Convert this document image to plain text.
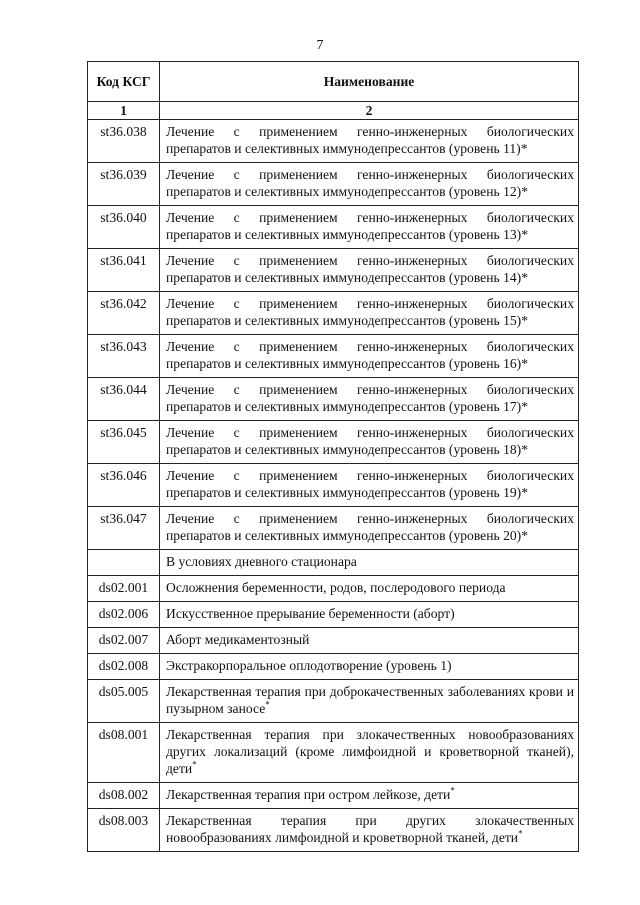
7
Код КСГ	Наименование
1	2
st36.038	Лечение с применением генно-инженерных биологических препаратов и селективных иммунодепрессантов (уровень 11)*
st36.039	Лечение с применением генно-инженерных биологических препаратов и селективных иммунодепрессантов (уровень 12)*
st36.040	Лечение с применением генно-инженерных биологических препаратов и селективных иммунодепрессантов (уровень 13)*
st36.041	Лечение с применением генно-инженерных биологических препаратов и селективных иммунодепрессантов (уровень 14)*
st36.042	Лечение с применением генно-инженерных биологических препаратов и селективных иммунодепрессантов (уровень 15)*
st36.043	Лечение с применением генно-инженерных биологических препаратов и селективных иммунодепрессантов (уровень 16)*
st36.044	Лечение с применением генно-инженерных биологических препаратов и селективных иммунодепрессантов (уровень 17)*
st36.045	Лечение с применением генно-инженерных биологических препаратов и селективных иммунодепрессантов (уровень 18)*
st36.046	Лечение с применением генно-инженерных биологических препаратов и селективных иммунодепрессантов (уровень 19)*
st36.047	Лечение с применением генно-инженерных биологических препаратов и селективных иммунодепрессантов (уровень 20)*
	В условиях дневного стационара
ds02.001	Осложнения беременности, родов, послеродового периода
ds02.006	Искусственное прерывание беременности (аборт)
ds02.007	Аборт медикаментозный
ds02.008	Экстракорпоральное оплодотворение (уровень 1)
ds05.005	Лекарственная терапия при доброкачественных заболеваниях крови и пузырном заносе*
ds08.001	Лекарственная терапия при злокачественных новообразованиях других локализаций (кроме лимфоидной и кроветворной тканей), дети*
ds08.002	Лекарственная терапия при остром лейкозе, дети*
ds08.003	Лекарственная терапия при других злокачественных новообразованиях лимфоидной и кроветворной тканей, дети*
